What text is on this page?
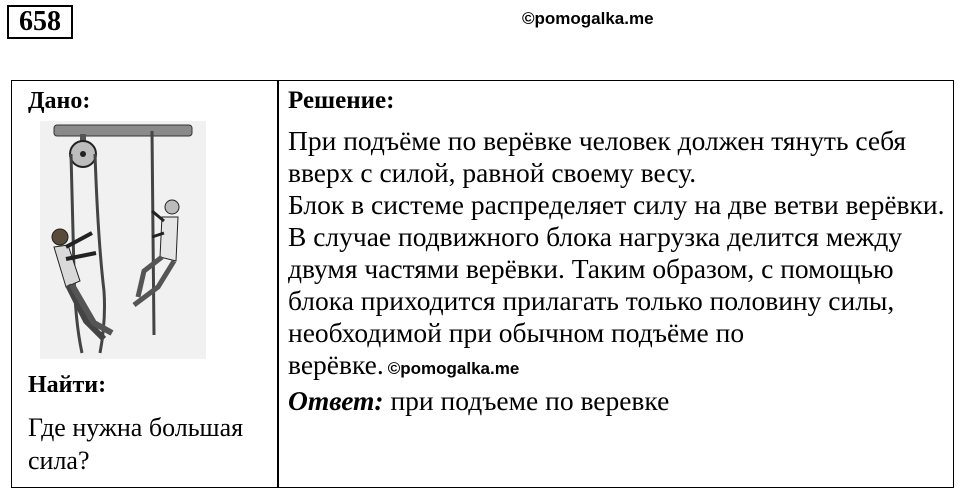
658	©pomogalka.me
Дано:
Найти:
Где нужна большая сила?
Решение:

При подъёме по верёвке человек должен тянуть себя вверх с силой, равной своему весу.

Блок в системе распределяет силу на две ветви верёвки. В случае подвижного блока нагрузка делится между двумя частями верёвки. Таким образом, с помощью блока приходится прилагать только половину силы, необходимой при обычном подъёме по верёвке. ©pomogalka.me

Ответ: при подъеме по веревке
